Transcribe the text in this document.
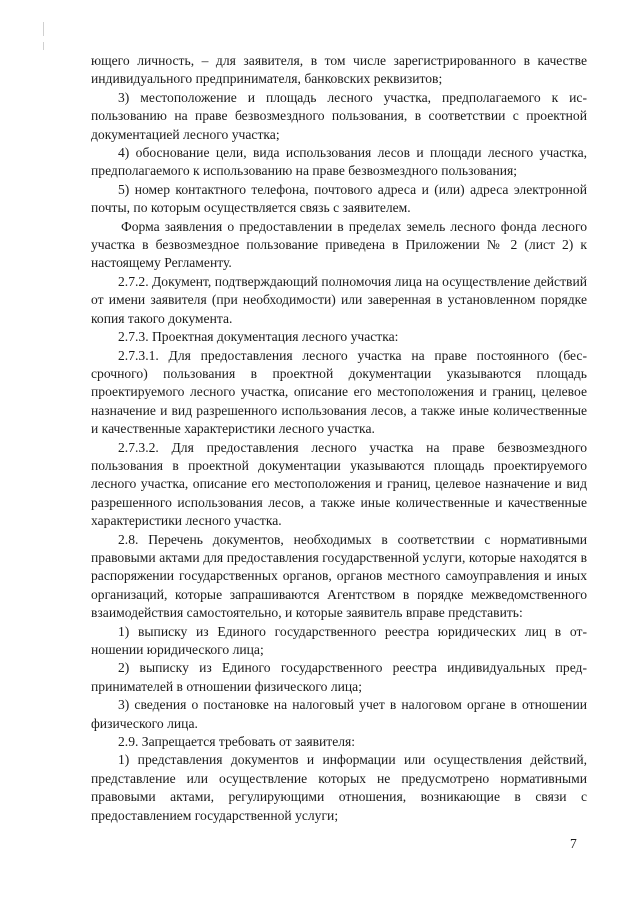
ющего личность, – для заявителя, в том числе зарегистрированного в качестве индивидуального предпринимателя, банковских реквизитов;

3) местоположение и площадь лесного участка, предполагаемого к использованию на праве безвозмездного пользования, в соответствии с проектной документацией лесного участка;

4) обоснование цели, вида использования лесов и площади лесного участка, предполагаемого к использованию на праве безвозмездного пользования;

5) номер контактного телефона, почтового адреса и (или) адреса электронной почты, по которым осуществляется связь с заявителем.

Форма заявления о предоставлении в пределах земель лесного фонда лесного участка в безвозмездное пользование приведена в Приложении № 2 (лист 2) к настоящему Регламенту.

2.7.2. Документ, подтверждающий полномочия лица на осуществление действий от имени заявителя (при необходимости) или заверенная в установленном порядке копия такого документа.

2.7.3. Проектная документация лесного участка:

2.7.3.1. Для предоставления лесного участка на праве постоянного (бессрочного) пользования в проектной документации указываются площадь проектируемого лесного участка, описание его местоположения и границ, целевое назначение и вид разрешенного использования лесов, а также иные количественные и качественные характеристики лесного участка.

2.7.3.2. Для предоставления лесного участка на праве безвозмездного пользования в проектной документации указываются площадь проектируемого лесного участка, описание его местоположения и границ, целевое назначение и вид разрешенного использования лесов, а также иные количественные и качественные характеристики лесного участка.

2.8. Перечень документов, необходимых в соответствии с нормативными правовыми актами для предоставления государственной услуги, которые находятся в распоряжении государственных органов, органов местного самоуправления и иных организаций, которые запрашиваются Агентством в порядке межведомственного взаимодействия самостоятельно, и которые заявитель вправе представить:

1) выписку из Единого государственного реестра юридических лиц в отношении юридического лица;

2) выписку из Единого государственного реестра индивидуальных предпринимателей в отношении физического лица;

3) сведения о постановке на налоговый учет в налоговом органе в отношении физического лица.

2.9. Запрещается требовать от заявителя:

1) представления документов и информации или осуществления действий, представление или осуществление которых не предусмотрено нормативными правовыми актами, регулирующими отношения, возникающие в связи с предоставлением государственной услуги;

7
